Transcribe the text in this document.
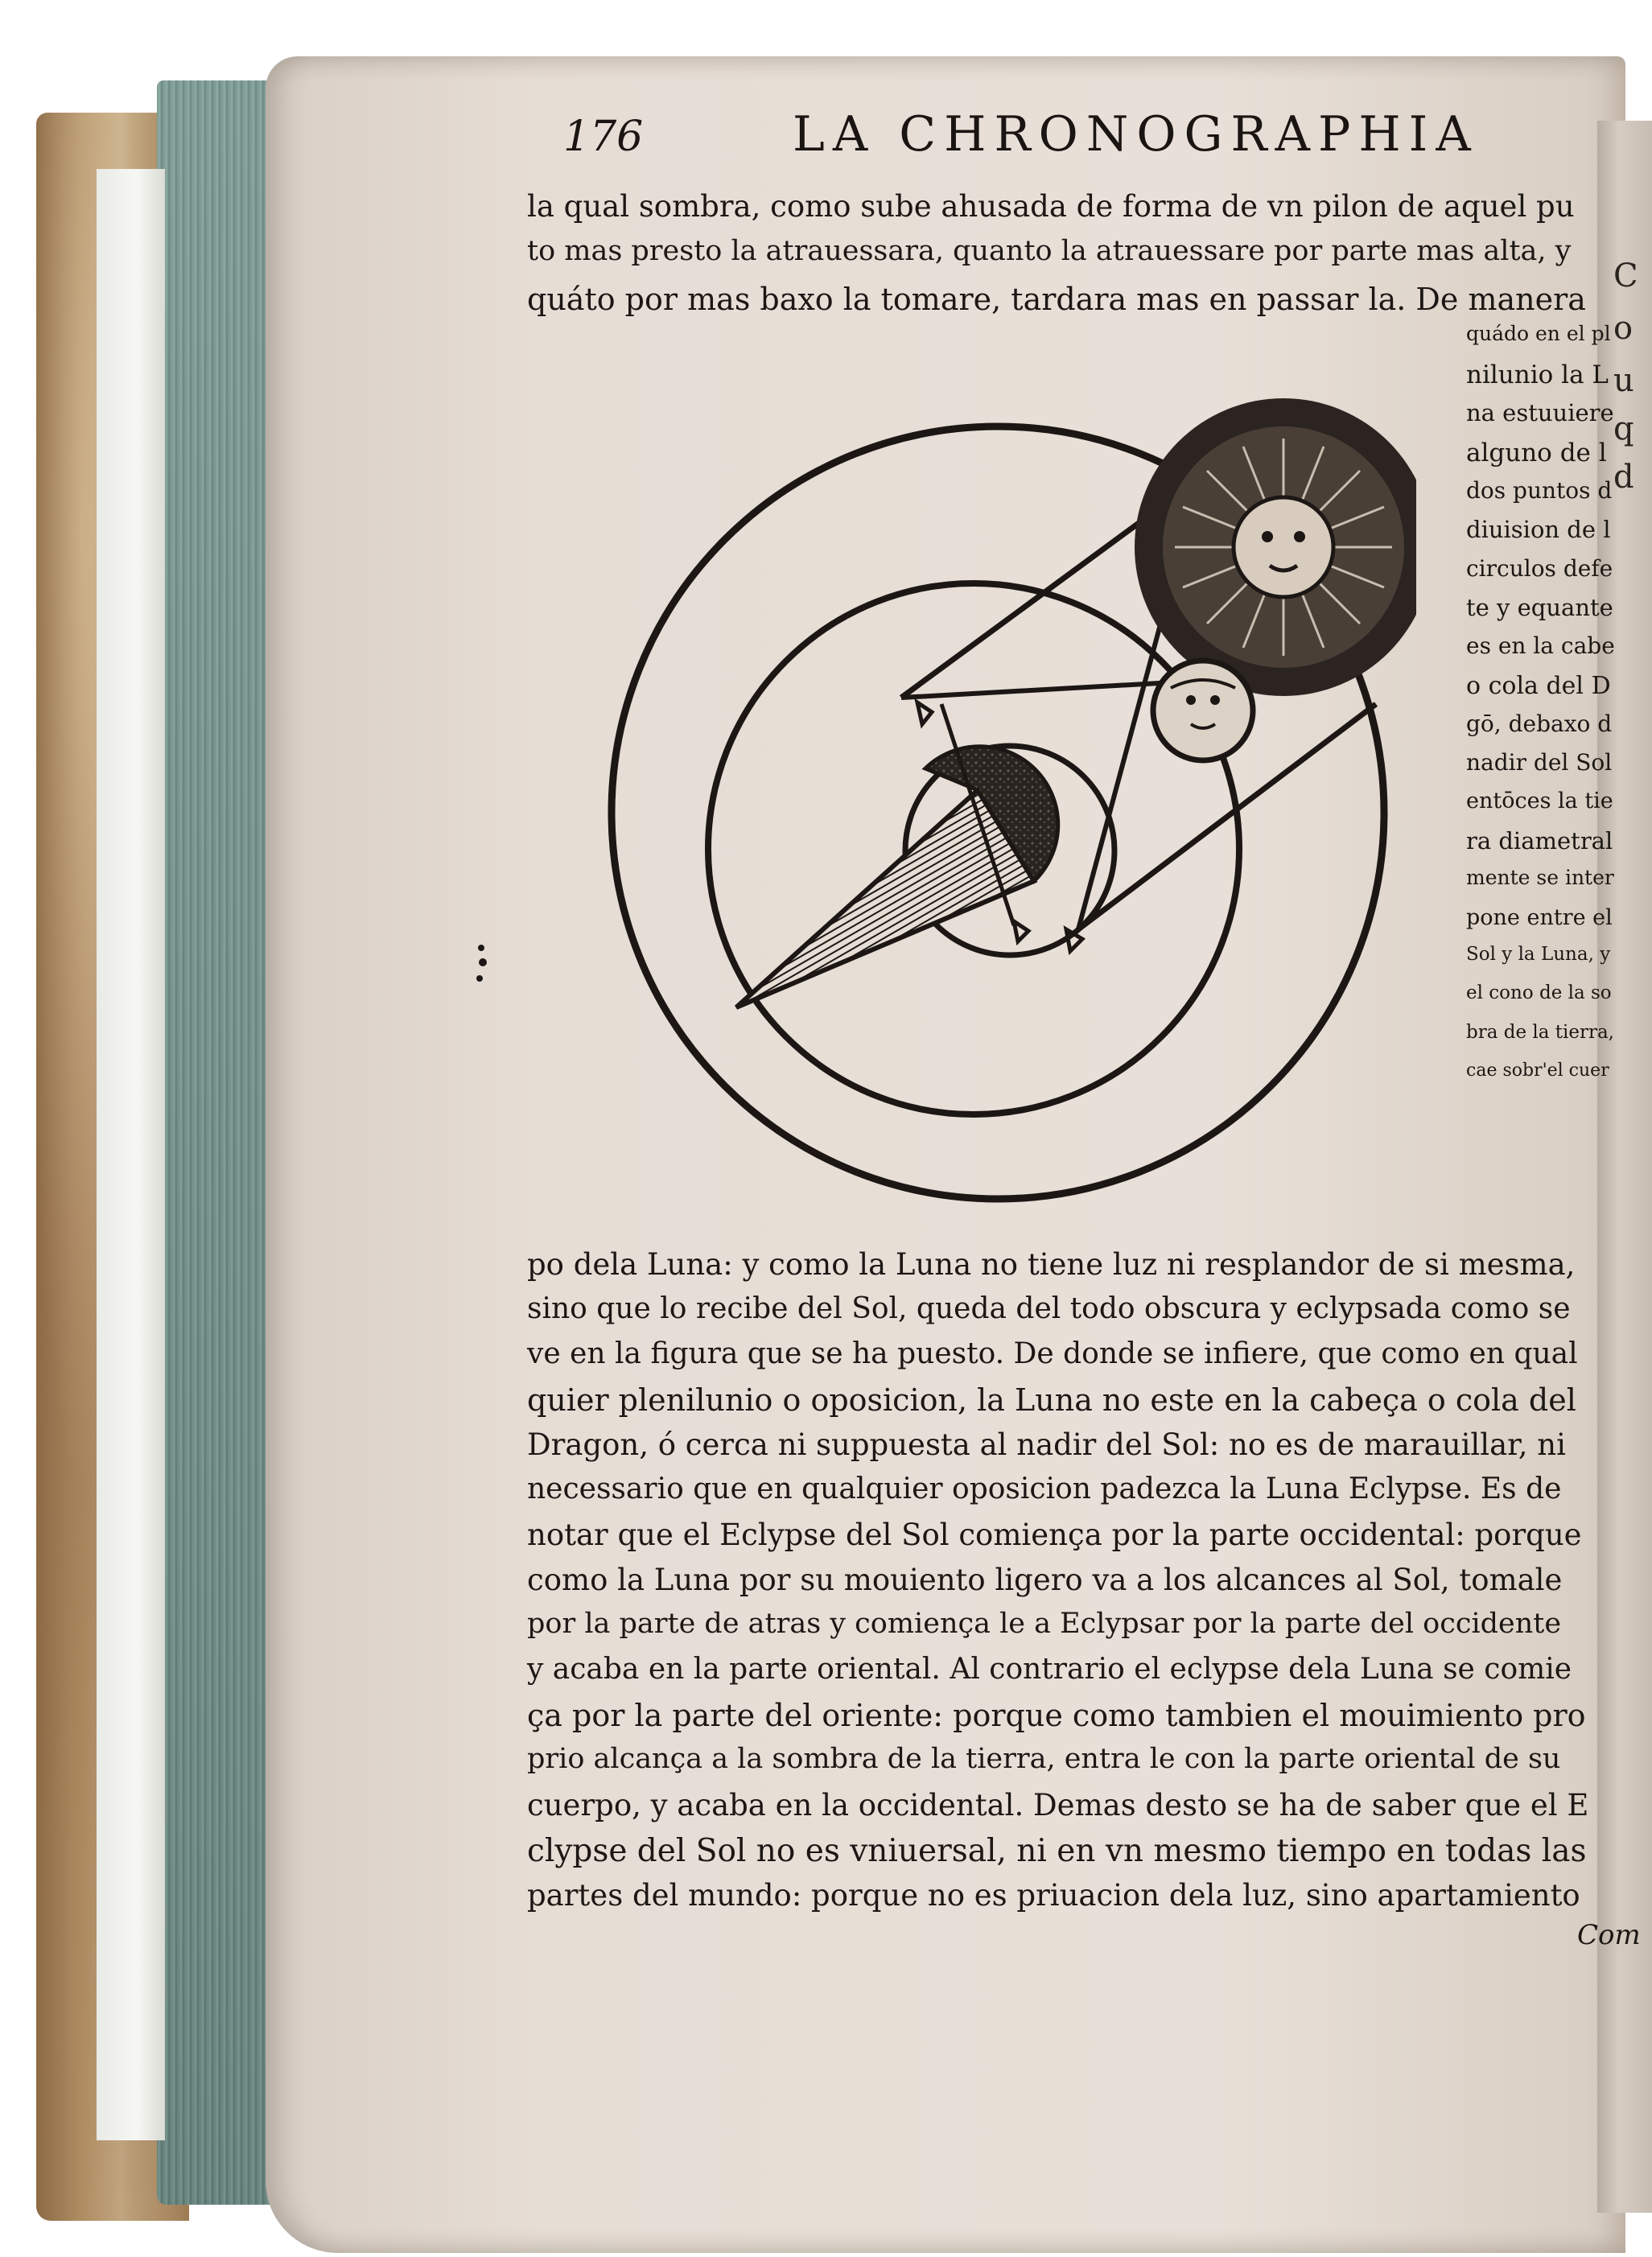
C
o
u
q
d
176	LA CHRONOGRAPHIA
la qual sombra, como sube ahusada de forma de vn pilon de aquel pu
to mas presto la atrauessara, quanto la atrauessare por parte mas alta, y
quáto por mas baxo la tomare, tardara mas en passar la. De manera
quádo en el pl
nilunio la L
na estuuiere
alguno de l
dos puntos d
diuision de l
circulos defe
te y equante
es en la cabe
o cola del D
gō, debaxo d
nadir del Sol
entōces la tie
ra diametral
mente se inter
pone entre el
Sol y la Luna, y
el cono de la so
bra de la tierra,
cae sobr'el cuer
po dela Luna: y como la Luna no tiene luz ni resplandor de si mesma,
sino que lo recibe del Sol, queda del todo obscura y eclypsada como se
ve en la figura que se ha puesto. De donde se infiere, que como en qual
quier plenilunio o oposicion, la Luna no este en la cabeça o cola del
Dragon, ó cerca ni suppuesta al nadir del Sol: no es de marauillar, ni
necessario que en qualquier oposicion padezca la Luna Eclypse. Es de
notar que el Eclypse del Sol comiença por la parte occidental: porque
como la Luna por su mouiento ligero va a los alcances al Sol, tomale
por la parte de atras y comiença le a Eclypsar por la parte del occidente
y acaba en la parte oriental. Al contrario el eclypse dela Luna se comie
ça por la parte del oriente: porque como tambien el mouimiento pro
prio alcança a la sombra de la tierra, entra le con la parte oriental de su
cuerpo, y acaba en la occidental. Demas desto se ha de saber que el E
clypse del Sol no es vniuersal, ni en vn mesmo tiempo en todas las
partes del mundo: porque no es priuacion dela luz, sino apartamiento
Com
